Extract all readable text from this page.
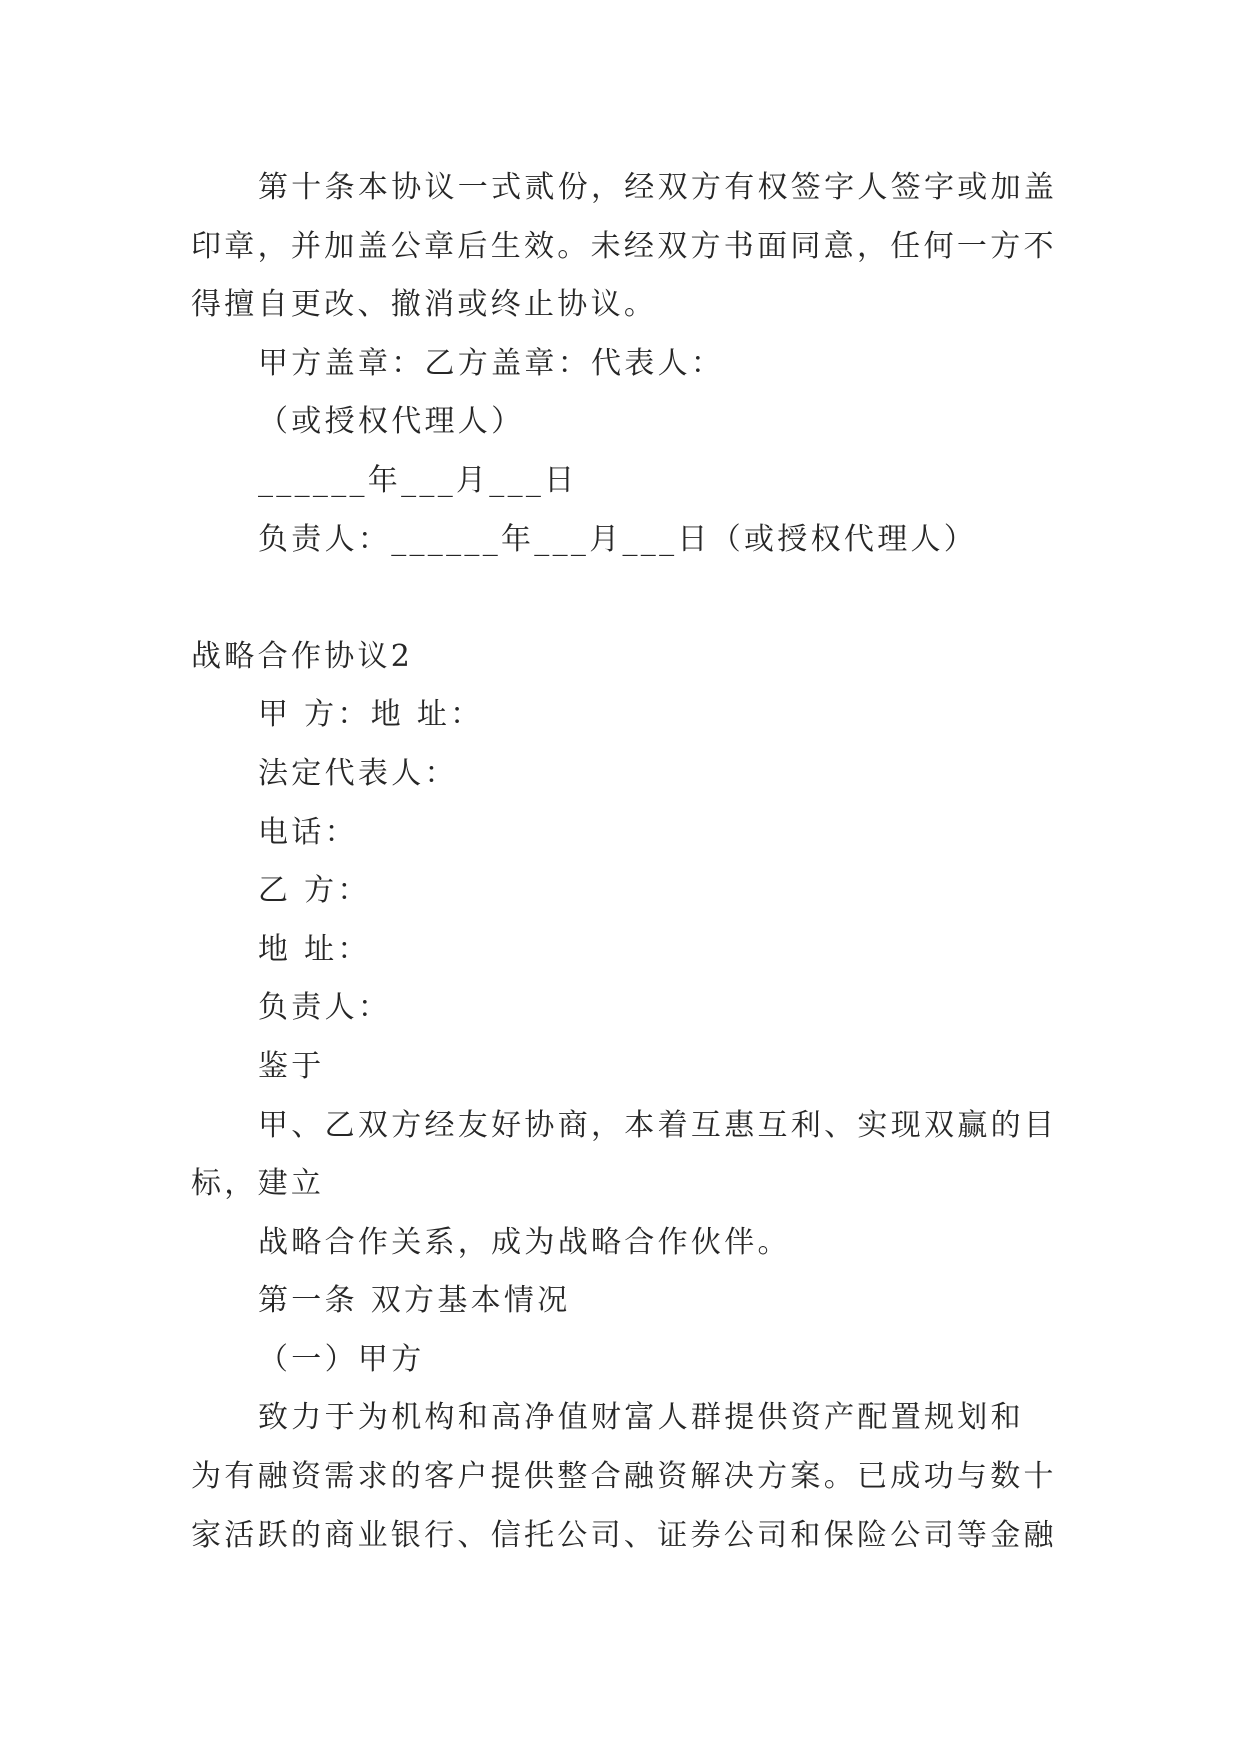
第十条本协议一式贰份，经双方有权签字人签字或加盖
印章，并加盖公章后生效。未经双方书面同意，任何一方不
得擅自更改、撤消或终止协议。
甲方盖章：乙方盖章：代表人：
（或授权代理人）
______年___月___日
负责人：______年___月___日（或授权代理人）
战略合作协议2
甲 方：地 址：
法定代表人：
电话：
乙 方：
地 址：
负责人：
鉴于
甲、乙双方经友好协商，本着互惠互利、实现双赢的目
标，建立
战略合作关系，成为战略合作伙伴。
第一条 双方基本情况
（一）甲方
致力于为机构和高净值财富人群提供资产配置规划和
为有融资需求的客户提供整合融资解决方案。已成功与数十
家活跃的商业银行、信托公司、证券公司和保险公司等金融
